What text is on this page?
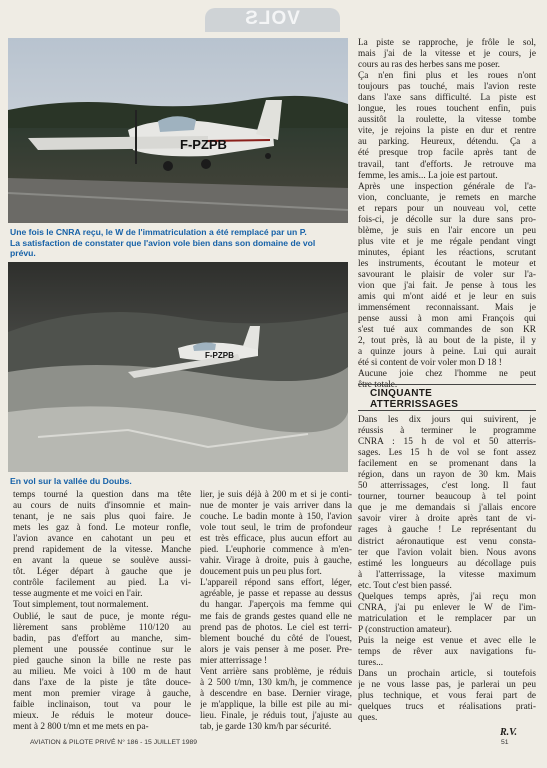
VOLS
F-PZPB
Une fois le CNRA reçu, le W de l'immatriculation a été remplacé par un P.
La satisfaction de constater que l'avion vole bien dans son domaine de vol
prévu.
F-PZPB
En vol sur la vallée du Doubs.
temps tourné la question dans ma tête
au cours de nuits d'insomnie et main-
tenant, je ne sais plus quoi faire. Je
mets les gaz à fond. Le moteur ronfle,
l'avion avance en cahotant un peu et
prend rapidement de la vitesse. Manche
en avant la queue se soulève aussi-
tôt. Léger départ à gauche que je
contrôle facilement au pied. La vi-
tesse augmente et me voici en l'air.
Tout simplement, tout normalement.
Oublié, le saut de puce, je monte régu-
lièrement sans problème 110/120 au
badin, pas d'effort au manche, sim-
plement une poussée continue sur le
pied gauche sinon la bille ne reste pas
au milieu. Me voici à 100 m de haut
dans l'axe de la piste je tâte douce-
ment mon premier virage à gauche,
faible inclinaison, tout va pour le
mieux. Je réduis le moteur douce-
ment à 2 800 t/mn et me mets en pa-
lier, je suis déjà à 200 m et si je conti-
nue de monter je vais arriver dans la
couche. Le badin monte à 150, l'avion
vole tout seul, le trim de profondeur
est très efficace, plus aucun effort au
pied. L'euphorie commence à m'en-
vahir. Virage à droite, puis à gauche,
doucement puis un peu plus fort.
L'appareil répond sans effort, léger,
agréable, je passe et repasse au dessus
du hangar. J'aperçois ma femme qui
me fais de grands gestes quand elle ne
prend pas de photos. Le ciel est terri-
blement bouché du côté de l'ouest,
alors je vais penser à me poser. Pre-
mier atterrissage !
Vent arrière sans problème, je réduis
à 2 500 t/mn, 130 km/h, je commence
à descendre en base. Dernier virage,
je m'applique, la bille est pile au mi-
lieu. Finale, je réduis tout, j'ajuste au
tab, je garde 130 km/h par sécurité.
La piste se rapproche, je frôle le sol,
mais j'ai de la vitesse et je cours, je
cours au ras des herbes sans me poser.
Ça n'en fini plus et les roues n'ont
toujours pas touché, mais l'avion reste
dans l'axe sans difficulté. La piste est
longue, les roues touchent enfin, puis
aussitôt la roulette, la vitesse tombe
vite, je rejoins la piste en dur et rentre
au parking. Heureux, détendu. Ça a
été presque trop facile après tant de
travail, tant d'efforts. Je retrouve ma
femme, les amis... La joie est partout.
Après une inspection générale de l'a-
vion, concluante, je remets en marche
et repars pour un nouveau vol, cette
fois-ci, je décolle sur la dure sans pro-
blème, je suis en l'air encore un peu
plus vite et je me régale pendant vingt
minutes, épiant les réactions, scrutant
les instruments, écoutant le moteur et
savourant le plaisir de voler sur l'a-
vion que j'ai fait. Je pense à tous les
amis qui m'ont aidé et je leur en suis
immensément reconnaissant. Mais je
pense aussi à mon ami François qui
s'est tué aux commandes de son KR
2, tout près, là au bout de la piste, il y
a quinze jours à peine. Lui qui aurait
été si content de voir voler mon D 18 !
Aucune joie chez l'homme ne peut
être totale.
CINQUANTE
ATTERRISSAGES
Dans les dix jours qui suivirent, je
réussis à terminer le programme
CNRA : 15 h de vol et 50 atterris-
sages. Les 15 h de vol se font assez
facilement en se promenant dans la
région, dans un rayon de 30 km. Mais
50 atterrissages, c'est long. Il faut
tourner, tourner beaucoup à tel point
que je me demandais si j'allais encore
savoir virer à droite après tant de vi-
rages à gauche ! Le représentant du
district aéronautique est venu consta-
ter que l'avion volait bien. Nous avons
estimé les longueurs au décollage puis
à l'atterrissage, la vitesse maximum
etc. Tout c'est bien passé.
Quelques temps après, j'ai reçu mon
CNRA, j'ai pu enlever le W de l'im-
matriculation et le remplacer par un
P (construction amateur).
Puis la neige est venue et avec elle le
temps de rêver aux navigations fu-
tures...
Dans un prochain article, si toutefois
je ne vous lasse pas, je parlerai un peu
plus technique, et vous ferai part de
quelques trucs et réalisations prati-
ques.
R.V.
AVIATION & PILOTE PRIVÉ N° 186 - 15 JUILLET 1989	51
